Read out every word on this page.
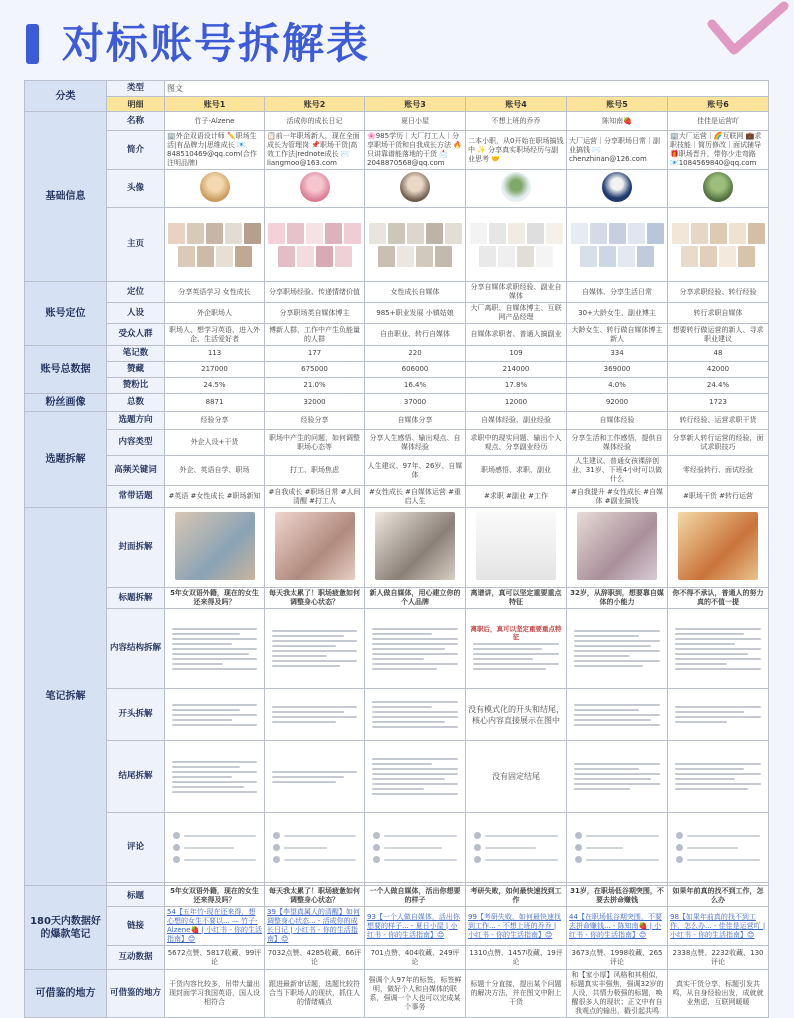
对标账号拆解表
分类	类型	图文					
	明细	账号1	账号2	账号3	账号4	账号5	账号6
基础信息	名称	竹子-Alzene	活成你的成长日记	夏日小屋	不想上班的乔乔	陈知南🍓	佳佳是运营吖
	简介	🏢外企双语设计师 ✏️职场生活|有品牌力|思维成长 📧848510469@qq.com(合作注明品牌)	📋前一年职场新人，现在全面成长为管理岗 📌职场干货|高效工作法|rednote成长 ✉️liangmoo@163.com	🌸985学历｜大厂打工人｜分享职场干货和自我成长方法 🔥只讲靠谱能落地的干货 📩2048870568@qq.com	二本小职，从0开始在职场搞钱中 ✨ 分享真实职场经历与副业思考 🤝	大厂运营｜分享职场日常｜副业搞钱 ✉️chenzhinan@126.com	🏢大厂运营｜🌈互联网 💼求职技能｜简历修改｜面试辅导 🎁职场晋升，带你少走弯路 📧1084569840@qq.com
	头像						
	主页	

账号定位	定位	分享英语学习 女性成长	分享职场经验、传递情绪价值	女性成长自媒体	分享自媒体求职经验、副业自媒体	自媒体、分享生活日常	分享求职经验、转行经验
	人设	外企职场人	分享职场类自媒体博主	985+职业发展 小镇姑娘	大厂离职、自媒体博主、互联网产品经理	30+大龄女生、副业博主	转行求职自媒体
	受众人群	职场人、想学习英语、进入外企、生活爱好者	博新人群，工作中产生负能量的人群	自由职业、转行自媒体	自媒体求职者、普通人搞副业	大龄女生、转行做自媒体博主新人	想要转行做运营的新人、寻求职业建议
账号总数据	笔记数	113	177	220	109	334	48
	赞藏	217000	675000	606000	214000	369000	42000
	赞粉比	24.5%	21.0%	16.4%	17.8%	4.0%	24.4%
粉丝画像	总数	8871	32000	37000	12000	92000	1723
选题拆解	选题方向	经验分享	经验分享	自媒体分享	自媒体经验、副业经验	自媒体经验	转行经验、运营求职干货
	内容类型	外企人设+干货	职场中产生的问题，如何调整职场心态等	分享人生感悟、输出观点、自媒体经验	求职中的现实问题、输出个人观点、分享副业经历	分享生活和工作感悟，提供自媒体经验	分享新人转行运营的经验，面试求职技巧
	高频关键词	外企、英语自学、职场	打工、职场焦虑	人生建议、97年、26岁、自媒体	职场感悟、求职、副业	人生建议、普通女孩裸辞创业、31岁、下班4小时可以做什么	零经验转行、面试经验
	常带话题	#英语 #女性成长 #职场新知	#自我成长 #职场日常 #人间清醒 #打工人	#女性成长 #自媒体运营 #重启人生	#求职 #副业 #工作	#自我提升 #女性成长 #自媒体 #副业搞钱	#职场干货 #转行运营
笔记拆解	封面拆解						
	标题拆解	5年女双语外籍，现在的女生还来得及吗？	每天我太累了！职场疲惫如何调整身心状态？	新人做自媒体，用心建立你的个人品牌	离谱讲，真可以坚定重要重点特征	32岁，从辞职到，想要靠自媒体的小能力	你不得不承认，普通人的努力真的不值一提
	内容结构拆解				离职后，真可以坚定重要重点特征		

	开头拆解				没有模式化的开头和结尾，核心内容直接展示在图中	

	结尾拆解				没有固定结尾	

	评论	

180天内数据好的爆款笔记	标题	5年女双语外籍，现在的女生还来得及吗？	每天我太累了！职场疲惫如何调整身心状态？	一个人做自媒体，活出你想要的样子	考研失败，如何最快速找到工作	31岁，在职场低谷期突围，不要去拼命赚钱	如果年前真的找不到工作，怎么办
	链接	54【五年竹-现在还来得，想心想的女生不要以... — 竹子-Alzene🍓 | 小红书 - 你的生活指南】😊	39【李望真属人的清醒】如何调整身心状态... - 活成你的成长日记 | 小红书 - 你的生活指南】😊	93【一个人做自媒体，活出你想要的样子... - 夏日小屋 | 小红书 - 你的生活指南】😊	99【考研失败，如何最快速找到工作... - 不想上班的乔乔 | 小红书 - 你的生活指南】😊	44【在职场低谷期突围，不要去拼命赚钱... - 陈知南🍓 | 小红书 - 你的生活指南】😊	98【如果年前真的找不到工作，怎么办... - 佳佳是运营吖 | 小红书 - 你的生活指南】😊
	互动数据	5672点赞、5817收藏、99评论	7032点赞、4285收藏、66评论	701点赞、404收藏、249评论	1310点赞、1457收藏、19评论	3673点赞、1998收藏、265评论	2338点赞、2232收藏、130评论
可借鉴的地方	可借鉴的地方	干货内容比较多，吊带大量出现封面学习我国英语，国人设相符合	跟进最新审话题，选题比较符合当下职场人的现状，抓住人的情绪痛点	强调个人97年的标签，标签鲜明，做好个人和自媒体的联系，强调一个人也可以完成某个事务	标题十分直接，提出某个问题的解决方法，并在图文中附上干货	和【家小厚】风格和其相似，标题真实丰强焦，强调32岁的人设，共情力极强的标题，唤醒很多人的现状；正文中有自我观点的输出，戳引起共鸣	真实干货分享，标题引发共鸣，从自身经验出发，成就就业焦虑，互联网暖暖
